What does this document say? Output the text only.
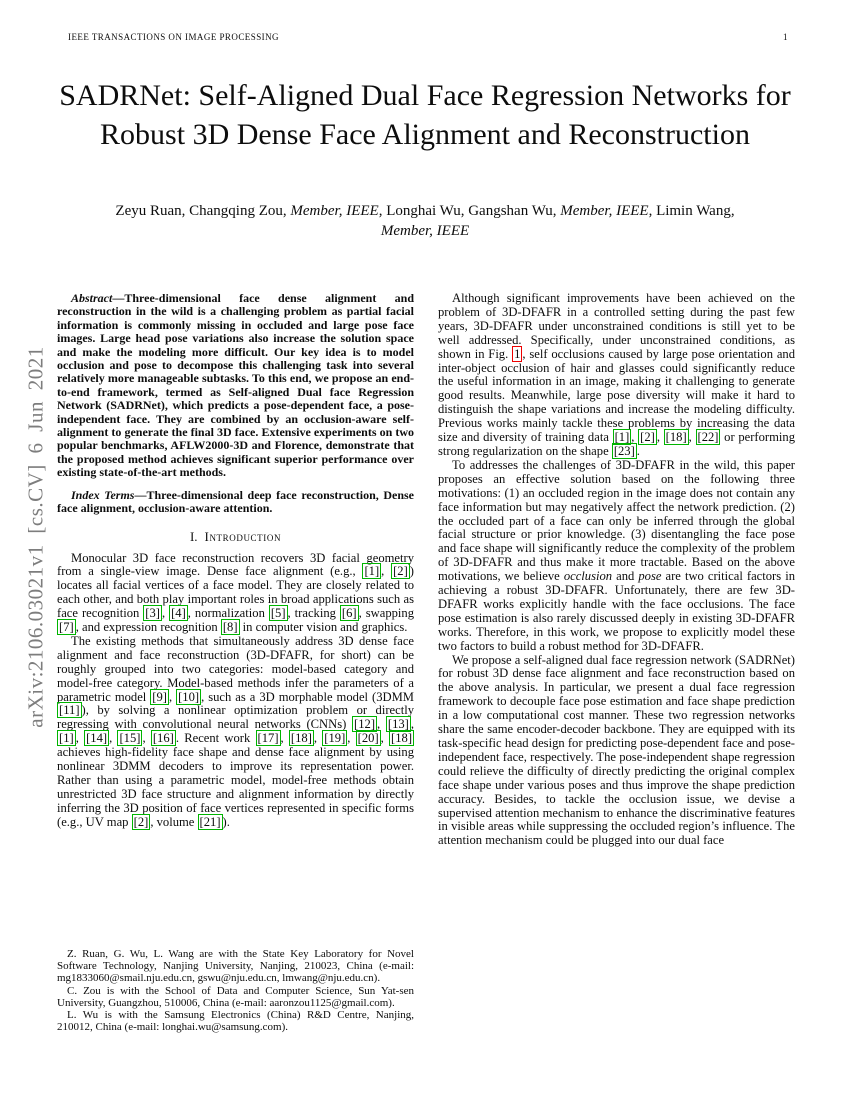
IEEE TRANSACTIONS ON IMAGE PROCESSING	1
arXiv:2106.03021v1 [cs.CV] 6 Jun 2021
SADRNet: Self-Aligned Dual Face Regression Networks for Robust 3D Dense Face Alignment and Reconstruction
Zeyu Ruan, Changqing Zou, Member, IEEE, Longhai Wu, Gangshan Wu, Member, IEEE, Limin Wang, Member, IEEE

Abstract—Three-dimensional face dense alignment and reconstruction in the wild is a challenging problem as partial facial information is commonly missing in occluded and large pose face images. Large head pose variations also increase the solution space and make the modeling more difficult. Our key idea is to model occlusion and pose to decompose this challenging task into several relatively more manageable subtasks. To this end, we propose an end-to-end framework, termed as Self-aligned Dual face Regression Network (SADRNet), which predicts a pose-dependent face, a pose-independent face. They are combined by an occlusion-aware self-alignment to generate the final 3D face. Extensive experiments on two popular benchmarks, AFLW2000-3D and Florence, demonstrate that the proposed method achieves significant superior performance over existing state-of-the-art methods.

Index Terms—Three-dimensional deep face reconstruction, Dense face alignment, occlusion-aware attention.

I. Introduction

Monocular 3D face reconstruction recovers 3D facial geometry from a single-view image. Dense face alignment (e.g., [1] , [2] ) locates all facial vertices of a face model. They are closely related to each other, and both play important roles in broad applications such as face recognition [3] , [4] , normalization [5] , tracking [6] , swapping [7] , and expression recognition [8] in computer vision and graphics.

The existing methods that simultaneously address 3D dense face alignment and face reconstruction (3D-DFAFR, for short) can be roughly grouped into two categories: model-based category and model-free category. Model-based methods infer the parameters of a parametric model [9] , [10] , such as a 3D morphable model (3DMM [11] ), by solving a nonlinear optimization problem or directly regressing with convolutional neural networks (CNNs) [12] , [13] , [1] , [14] , [15] , [16] . Recent work [17] , [18] , [19] , [20] , [18] achieves high-fidelity face shape and dense face alignment by using nonlinear 3DMM decoders to improve its representation power. Rather than using a parametric model, model-free methods obtain unrestricted 3D face structure and alignment information by directly inferring the 3D position of face vertices represented in specific forms (e.g., UV map [2] , volume [21] ).

Although significant improvements have been achieved on the problem of 3D-DFAFR in a controlled setting during the past few years, 3D-DFAFR under unconstrained conditions is still yet to be well addressed. Specifically, under unconstrained conditions, as shown in Fig. 1 , self occlusions caused by large pose orientation and inter-object occlusion of hair and glasses could significantly reduce the useful information in an image, making it challenging to generate good results. Meanwhile, large pose diversity will make it hard to distinguish the shape variations and increase the modeling difficulty. Previous works mainly tackle these problems by increasing the data size and diversity of training data [1] , [2] , [18] , [22] or performing strong regularization on the shape [23] .

To addresses the challenges of 3D-DFAFR in the wild, this paper proposes an effective solution based on the following three motivations: (1) an occluded region in the image does not contain any face information but may negatively affect the network prediction. (2) the occluded part of a face can only be inferred through the global facial structure or prior knowledge. (3) disentangling the face pose and face shape will significantly reduce the complexity of the problem of 3D-DFAFR and thus make it more tractable. Based on the above motivations, we believe occlusion and pose are two critical factors in achieving a robust 3D-DFAFR. Unfortunately, there are few 3D-DFAFR works explicitly handle with the face occlusions. The face pose estimation is also rarely discussed deeply in existing 3D-DFAFR works. Therefore, in this work, we propose to explicitly model these two factors to build a robust method for 3D-DFAFR.

We propose a self-aligned dual face regression network (SADRNet) for robust 3D dense face alignment and face reconstruction based on the above analysis. In particular, we present a dual face regression framework to decouple face pose estimation and face shape prediction in a low computational cost manner. These two regression networks share the same encoder-decoder backbone. They are equipped with its task-specific head design for predicting pose-dependent face and pose-independent face, respectively. The pose-independent shape regression could relieve the difficulty of directly predicting the original complex face shape under various poses and thus improve the shape prediction accuracy. Besides, to tackle the occlusion issue, we devise a supervised attention mechanism to enhance the discriminative features in visible areas while suppressing the occluded region’s influence. The attention mechanism could be plugged into our dual face

Z. Ruan, G. Wu, L. Wang are with the State Key Laboratory for Novel Software Technology, Nanjing University, Nanjing, 210023, China (e-mail: mg1833060@smail.nju.edu.cn, gswu@nju.edu.cn, lmwang@nju.edu.cn).

C. Zou is with the School of Data and Computer Science, Sun Yat-sen University, Guangzhou, 510006, China (e-mail: aaronzou1125@gmail.com).

L. Wu is with the Samsung Electronics (China) R&D Centre, Nanjing, 210012, China (e-mail: longhai.wu@samsung.com).
